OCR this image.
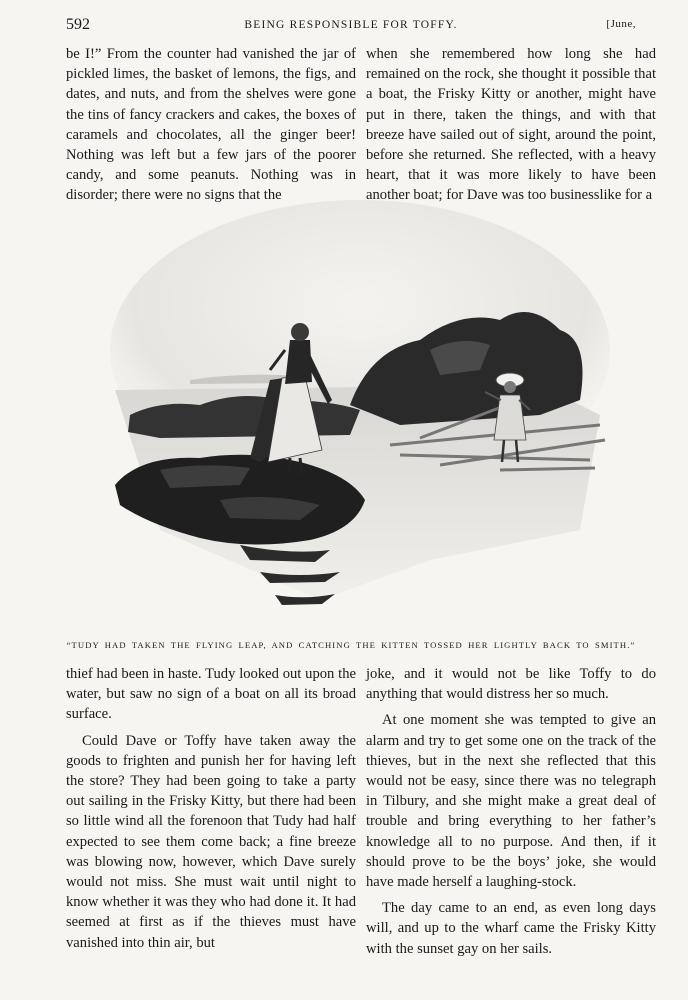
592	BEING RESPONSIBLE FOR TOFFY.	[June,

be I!” From the counter had vanished the jar of pickled limes, the basket of lemons, the figs, and dates, and nuts, and from the shelves were gone the tins of fancy crackers and cakes, the boxes of caramels and chocolates, all the ginger beer! Nothing was left but a few jars of the poorer candy, and some peanuts. Nothing was in disorder; there were no signs that the

when she remembered how long she had remained on the rock, she thought it possible that a boat, the Frisky Kitty or another, might have put in there, taken the things, and with that breeze have sailed out of sight, around the point, before she returned. She reflected, with a heavy heart, that it was more likely to have been another boat; for Dave was too businesslike for a

“TUDY HAD TAKEN THE FLYING LEAP, AND CATCHING THE KITTEN TOSSED HER LIGHTLY BACK TO SMITH.”

thief had been in haste. Tudy looked out upon the water, but saw no sign of a boat on all its broad surface.

Could Dave or Toffy have taken away the goods to frighten and punish her for having left the store? They had been going to take a party out sailing in the Frisky Kitty, but there had been so little wind all the forenoon that Tudy had half expected to see them come back; a fine breeze was blowing now, however, which Dave surely would not miss. She must wait until night to know whether it was they who had done it. It had seemed at first as if the thieves must have vanished into thin air, but

joke, and it would not be like Toffy to do anything that would distress her so much.

At one moment she was tempted to give an alarm and try to get some one on the track of the thieves, but in the next she reflected that this would not be easy, since there was no telegraph in Tilbury, and she might make a great deal of trouble and bring everything to her father’s knowledge all to no purpose. And then, if it should prove to be the boys’ joke, she would have made herself a laughing-stock.

The day came to an end, as even long days will, and up to the wharf came the Frisky Kitty with the sunset gay on her sails.
